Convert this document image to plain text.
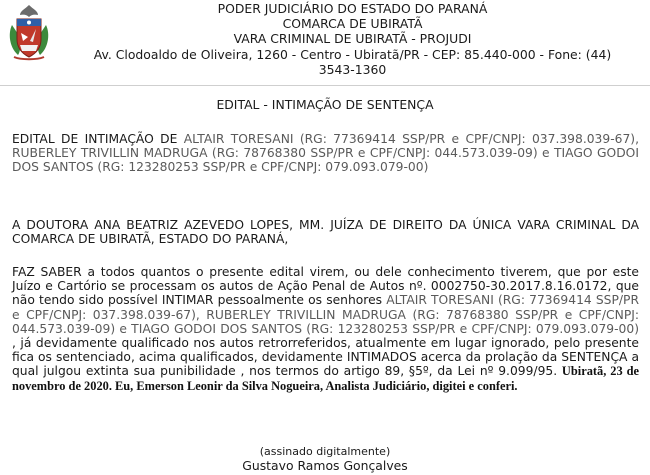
PODER JUDICIÁRIO DO ESTADO DO PARANÁ
COMARCA DE UBIRATÃ
VARA CRIMINAL DE UBIRATÃ - PROJUDI
Av. Clodoaldo de Oliveira, 1260 - Centro - Ubiratã/PR - CEP: 85.440-000 - Fone: (44)
3543-1360
EDITAL - INTIMAÇÃO DE SENTENÇA
EDITAL DE INTIMAÇÃO DE ALTAIR TORESANI (RG: 77369414 SSP/PR e CPF/CNPJ: 037.398.039-67), RUBERLEY TRIVILLIN MADRUGA (RG: 78768380 SSP/PR e CPF/CNPJ: 044.573.039-09) e TIAGO GODOI DOS SANTOS (RG: 123280253 SSP/PR e CPF/CNPJ: 079.093.079-00)
A DOUTORA ANA BEATRIZ AZEVEDO LOPES, MM. JUÍZA DE DIREITO DA ÚNICA VARA CRIMINAL DA COMARCA DE UBIRATÃ, ESTADO DO PARANÁ,
FAZ SABER a todos quantos o presente edital virem, ou dele conhecimento tiverem, que por este Juízo e Cartório se processam os autos de Ação Penal de Autos nº. 0002750-30.2017.8.16.0172, que não tendo sido possível INTIMAR pessoalmente os senhores ALTAIR TORESANI (RG: 77369414 SSP/PR e CPF/CNPJ: 037.398.039-67), RUBERLEY TRIVILLIN MADRUGA (RG: 78768380 SSP/PR e CPF/CNPJ: 044.573.039-09) e TIAGO GODOI DOS SANTOS (RG: 123280253 SSP/PR e CPF/CNPJ: 079.093.079-00) , já devidamente qualificado nos autos retrorreferidos, atualmente em lugar ignorado, pelo presente fica os sentenciado, acima qualificados, devidamente INTIMADOS acerca da prolação da SENTENÇA a qual julgou extinta sua punibilidade , nos termos do artigo 89, §5º, da Lei nº 9.099/95. Ubiratã, 23 de novembro de 2020. Eu, Emerson Leonir da Silva Nogueira, Analista Judiciário, digitei e conferi.
(assinado digitalmente)
Gustavo Ramos Gonçalves
